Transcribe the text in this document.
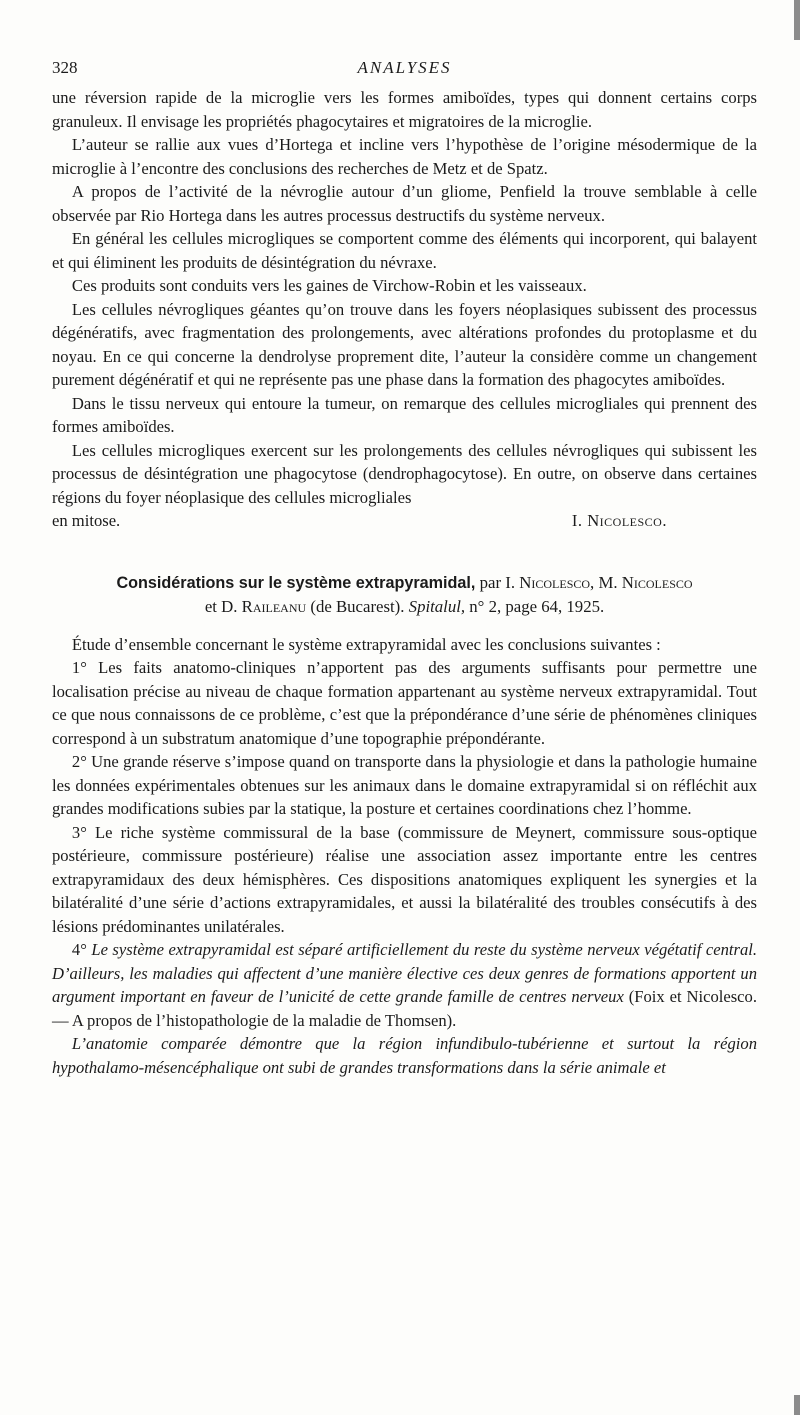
328	ANALYSES

une réversion rapide de la microglie vers les formes amiboïdes, types qui donnent certains corps granuleux. Il envisage les propriétés phagocytaires et migratoires de la microglie.

L’auteur se rallie aux vues d’Hortega et incline vers l’hypothèse de l’origine mésodermique de la microglie à l’encontre des conclusions des recherches de Metz et de Spatz.

A propos de l’activité de la névroglie autour d’un gliome, Penfield la trouve semblable à celle observée par Rio Hortega dans les autres processus destructifs du système nerveux.

En général les cellules microgliques se comportent comme des éléments qui incorporent, qui balayent et qui éliminent les produits de désintégration du névraxe.

Ces produits sont conduits vers les gaines de Virchow-Robin et les vaisseaux.

Les cellules névrogliques géantes qu’on trouve dans les foyers néoplasiques subissent des processus dégénératifs, avec fragmentation des prolongements, avec altérations profondes du protoplasme et du noyau. En ce qui concerne la dendrolyse proprement dite, l’auteur la considère comme un changement purement dégénératif et qui ne représente pas une phase dans la formation des phagocytes amiboïdes.

Dans le tissu nerveux qui entoure la tumeur, on remarque des cellules microgliales qui prennent des formes amiboïdes.

Les cellules microgliques exercent sur les prolongements des cellules névrogliques qui subissent les processus de désintégration une phagocytose (dendrophagocytose). En outre, on observe dans certaines régions du foyer néoplasique des cellules microgliales

en mitose.	I. Nicolesco.

Considérations sur le système extrapyramidal, par I. Nicolesco, M. Nicolesco
et D. Raileanu (de Bucarest). Spitalul, n° 2, page 64, 1925.

Étude d’ensemble concernant le système extrapyramidal avec les conclusions suivantes :

1° Les faits anatomo-cliniques n’apportent pas des arguments suffisants pour permettre une localisation précise au niveau de chaque formation appartenant au système nerveux extrapyramidal. Tout ce que nous connaissons de ce problème, c’est que la prépondérance d’une série de phénomènes cliniques correspond à un substratum anatomique d’une topographie prépondérante.

2° Une grande réserve s’impose quand on transporte dans la physiologie et dans la pathologie humaine les données expérimentales obtenues sur les animaux dans le domaine extrapyramidal si on réfléchit aux grandes modifications subies par la statique, la posture et certaines coordinations chez l’homme.

3° Le riche système commissural de la base (commissure de Meynert, commissure sous-optique postérieure, commissure postérieure) réalise une association assez importante entre les centres extrapyramidaux des deux hémisphères. Ces dispositions anatomiques expliquent les synergies et la bilatéralité d’une série d’actions extrapyramidales, et aussi la bilatéralité des troubles consécutifs à des lésions prédominantes unilatérales.

4° Le système extrapyramidal est séparé artificiellement du reste du système nerveux végétatif central. D’ailleurs, les maladies qui affectent d’une manière élective ces deux genres de formations apportent un argument important en faveur de l’unicité de cette grande famille de centres nerveux (Foix et Nicolesco. — A propos de l’histopathologie de la maladie de Thomsen).

L’anatomie comparée démontre que la région infundibulo-tubérienne et surtout la région hypothalamo-mésencéphalique ont subi de grandes transformations dans la série animale et
